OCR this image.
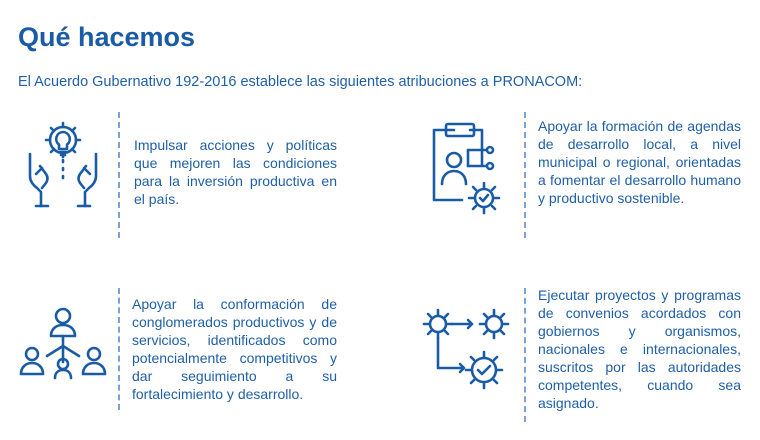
Qué hacemos

El Acuerdo Gubernativo 192-2016 establece las siguientes atribuciones a PRONACOM:

Impulsar acciones y políticas que mejoren las condiciones para la inversión productiva en el país.

Apoyar la formación de agendas de desarrollo local, a nivel municipal o regional, orientadas a fomentar el desarrollo humano y productivo sostenible.

Apoyar la conformación de conglomerados productivos y de servicios, identificados como potencialmente competitivos y dar seguimiento a su fortalecimiento y desarrollo.

Ejecutar proyectos y programas de convenios acordados con gobiernos y organismos, nacionales e internacionales, suscritos por las autoridades competentes, cuando sea asignado.
